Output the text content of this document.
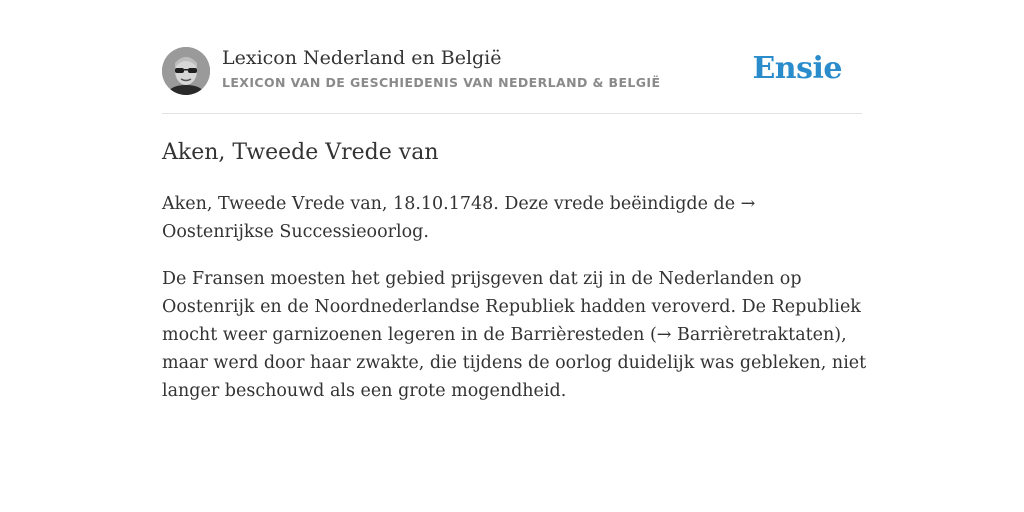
Lexicon Nederland en België
LEXICON VAN DE GESCHIEDENIS VAN NEDERLAND & BELGIË	Ensie
Aken, Tweede Vrede van

Aken, Tweede Vrede van, 18.10.1748. Deze vrede beëindigde de → Oostenrijkse Successieoorlog.

De Fransen moesten het gebied prijsgeven dat zij in de Nederlanden op Oostenrijk en de Noordnederlandse Republiek hadden veroverd. De Republiek mocht weer garnizoenen legeren in de Barrièresteden (→ Barrièretraktaten), maar werd door haar zwakte, die tijdens de oorlog duidelijk was gebleken, niet langer beschouwd als een grote mogendheid.
